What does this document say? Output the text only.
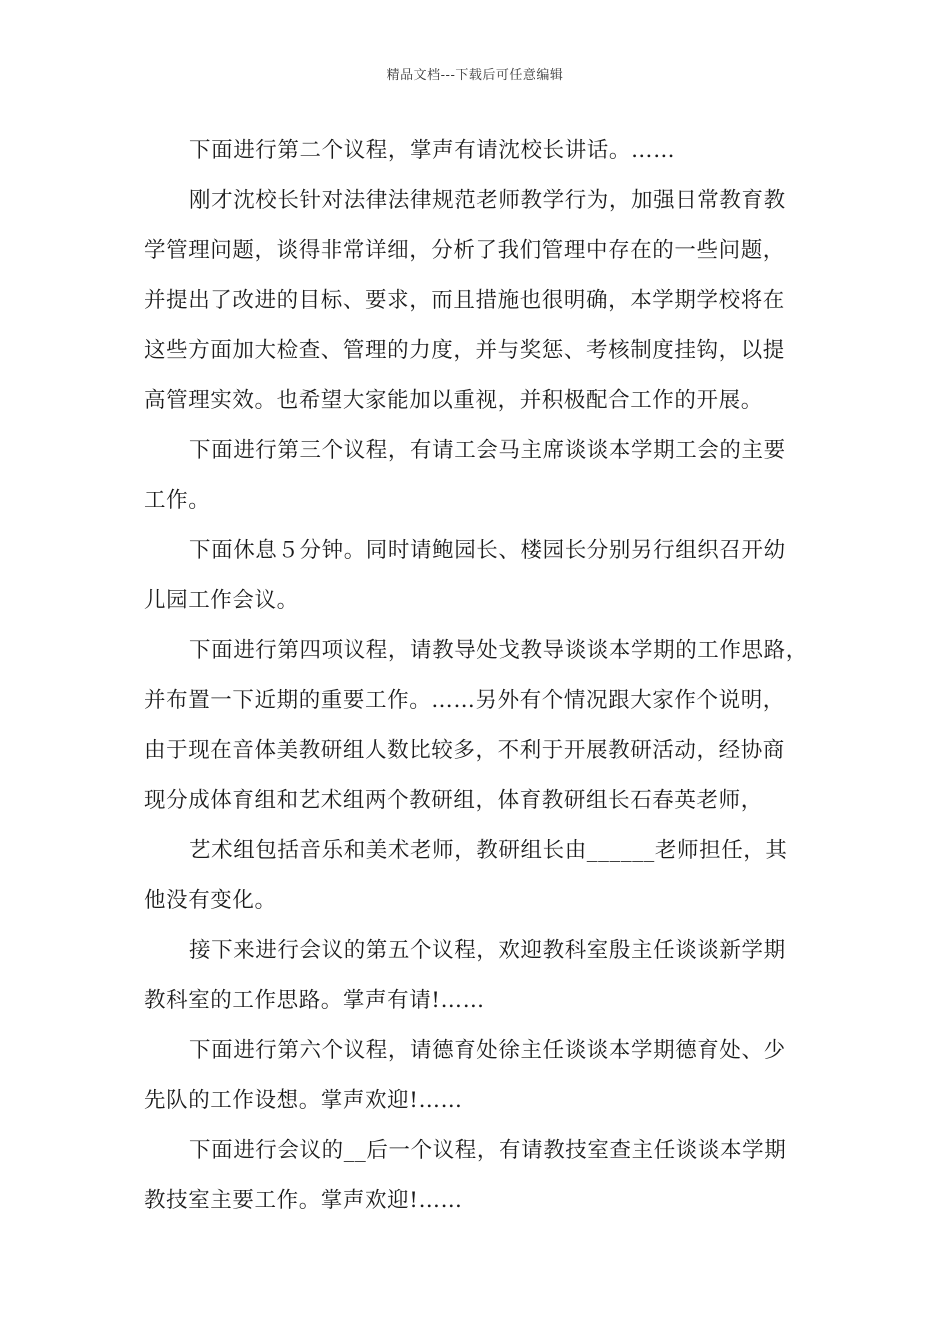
精品文档---下载后可任意编辑
下面进行第二个议程，掌声有请沈校长讲话。……
刚才沈校长针对法律法律规范老师教学行为，加强日常教育教
学管理问题，谈得非常详细，分析了我们管理中存在的一些问题，
并提出了改进的目标、要求，而且措施也很明确，本学期学校将在
这些方面加大检查、管理的力度，并与奖惩、考核制度挂钩，以提
高管理实效。也希望大家能加以重视，并积极配合工作的开展。
下面进行第三个议程，有请工会马主席谈谈本学期工会的主要
工作。
下面休息５分钟。同时请鲍园长、楼园长分别另行组织召开幼
儿园工作会议。
下面进行第四项议程，请教导处戈教导谈谈本学期的工作思路，
并布置一下近期的重要工作。……另外有个情况跟大家作个说明，
由于现在音体美教研组人数比较多，不利于开展教研活动，经协商
现分成体育组和艺术组两个教研组，体育教研组长石春英老师，
艺术组包括音乐和美术老师，教研组长由______老师担任，其
他没有变化。
接下来进行会议的第五个议程，欢迎教科室殷主任谈谈新学期
教科室的工作思路。掌声有请!……
下面进行第六个议程，请德育处徐主任谈谈本学期德育处、少
先队的工作设想。掌声欢迎!……
下面进行会议的__后一个议程，有请教技室查主任谈谈本学期
教技室主要工作。掌声欢迎!……
